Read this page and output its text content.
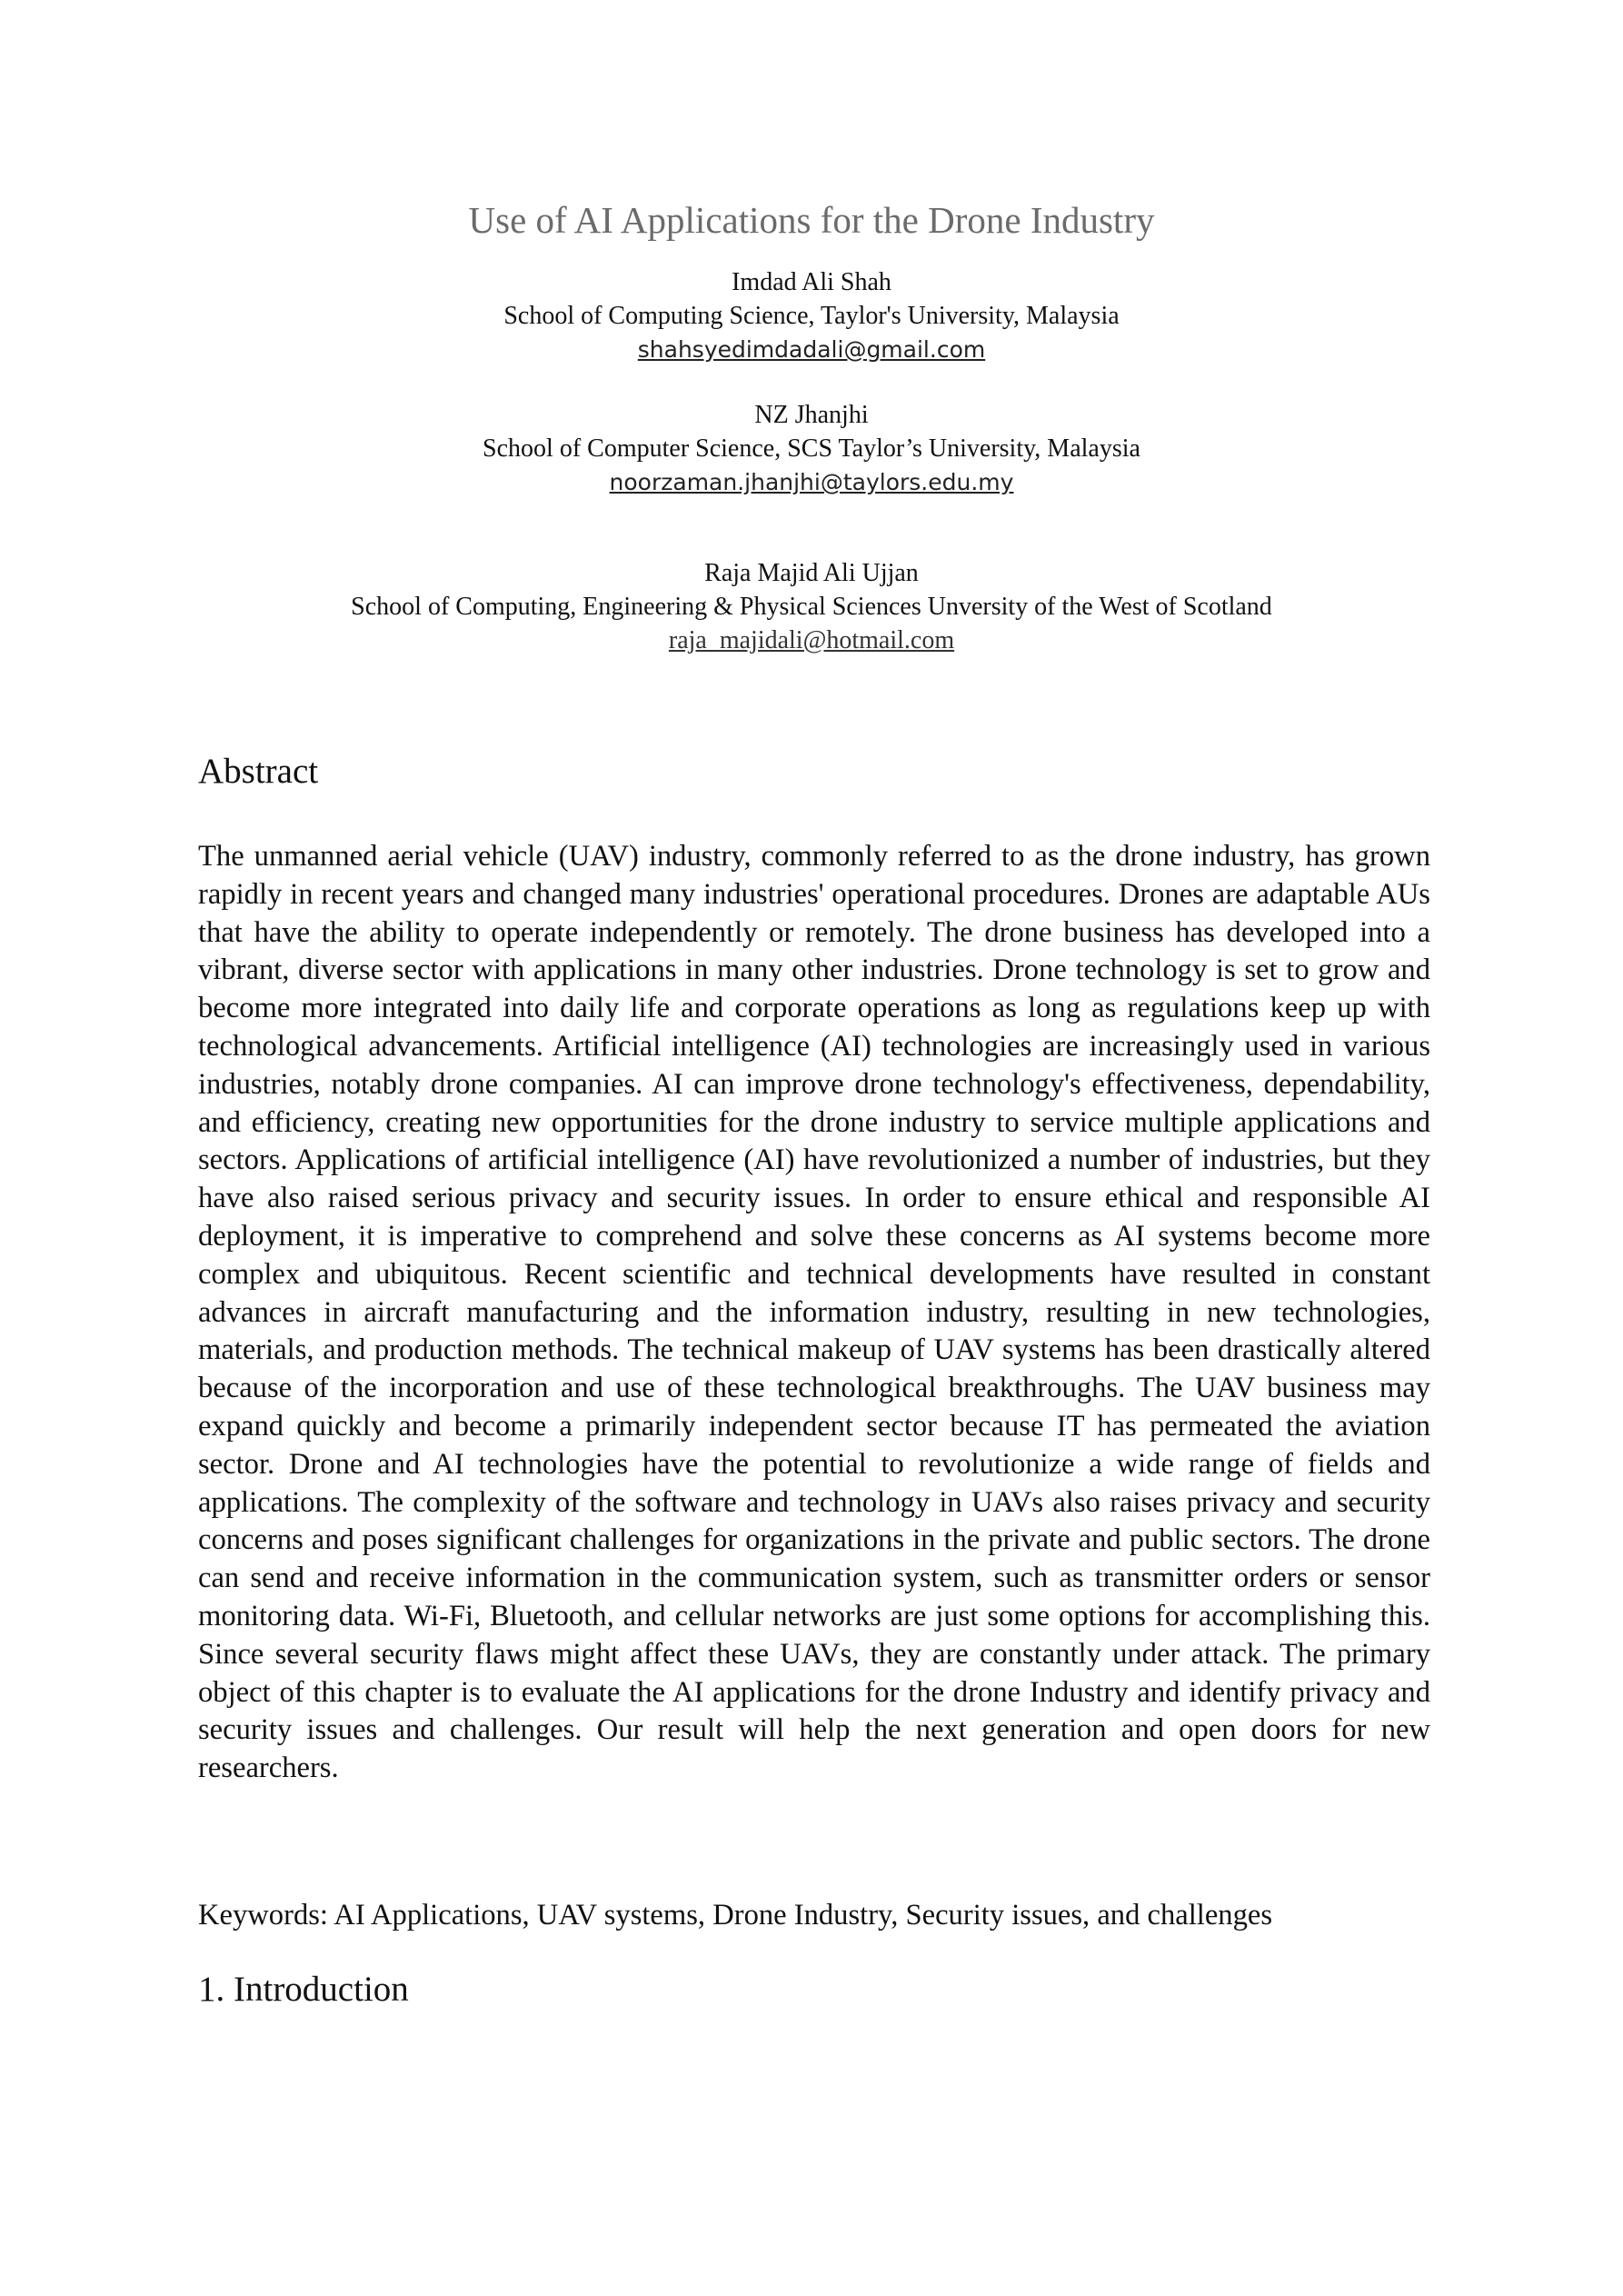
Use of AI Applications for the Drone Industry
Imdad Ali Shah
School of Computing Science, Taylor's University, Malaysia
shahsyedimdadali@gmail.com
NZ Jhanjhi
School of Computer Science, SCS Taylor’s University, Malaysia
noorzaman.jhanjhi@taylors.edu.my
Raja Majid Ali Ujjan
School of Computing, Engineering & Physical Sciences Unversity of the West of Scotland
raja_majidali@hotmail.com
Abstract

The unmanned aerial vehicle (UAV) industry, commonly referred to as the drone industry, has grown rapidly in recent years and changed many industries' operational procedures. Drones are adaptable AUs that have the ability to operate independently or remotely. The drone business has developed into a vibrant, diverse sector with applications in many other industries. Drone technology is set to grow and become more integrated into daily life and corporate operations as long as regulations keep up with technological advancements. Artificial intelligence (AI) technologies are increasingly used in various industries, notably drone companies. AI can improve drone technology's effectiveness, dependability, and efficiency, creating new opportunities for the drone industry to service multiple applications and sectors. Applications of artificial intelligence (AI) have revolutionized a number of industries, but they have also raised serious privacy and security issues. In order to ensure ethical and responsible AI deployment, it is imperative to comprehend and solve these concerns as AI systems become more complex and ubiquitous. Recent scientific and technical developments have resulted in constant advances in aircraft manufacturing and the information industry, resulting in new technologies, materials, and production methods. The technical makeup of UAV systems has been drastically altered because of the incorporation and use of these technological breakthroughs. The UAV business may expand quickly and become a primarily independent sector because IT has permeated the aviation sector. Drone and AI technologies have the potential to revolutionize a wide range of fields and applications. The complexity of the software and technology in UAVs also raises privacy and security concerns and poses significant challenges for organizations in the private and public sectors. The drone can send and receive information in the communication system, such as transmitter orders or sensor monitoring data. Wi-Fi, Bluetooth, and cellular networks are just some options for accomplishing this. Since several security flaws might affect these UAVs, they are constantly under attack. The primary object of this chapter is to evaluate the AI applications for the drone Industry and identify privacy and security issues and challenges. Our result will help the next generation and open doors for new researchers.

Keywords: AI Applications, UAV systems, Drone Industry, Security issues, and challenges

1. Introduction
